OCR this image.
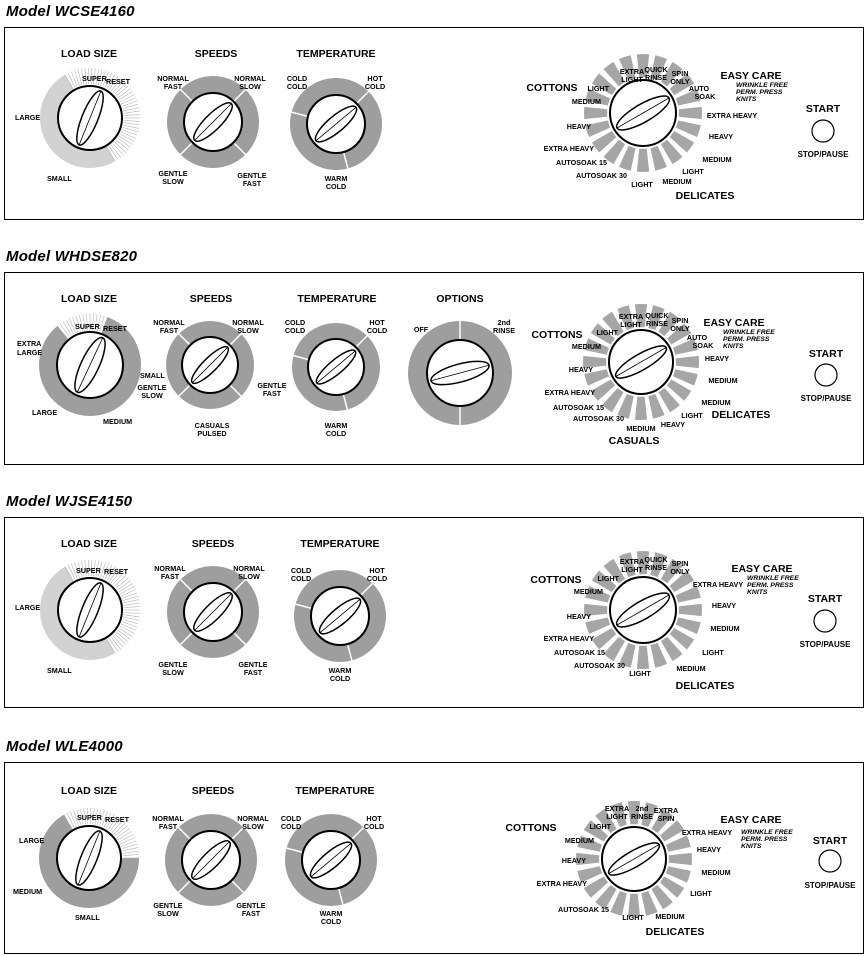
Model WCSE4160
LOAD SIZE
SUPER RESET
LARGE
SMALL
SPEEDS
NORMAL
FAST
NORMAL
SLOW
GENTLE
SLOW
GENTLE
FAST
TEMPERATURE
COLD
COLD
HOT
COLD
WARM
COLD
COTTONS
EASY CARE
WRINKLE FREE
PERM. PRESS
KNITS
DELICATES
EXTRA
LIGHT
QUICK
RINSE SPIN
ONLY
AUTO
SOAK
LIGHT
MEDIUM
HEAVY
EXTRA HEAVY
AUTOSOAK 15
AUTOSOAK 30
LIGHT MEDIUM
LIGHT
MEDIUM
HEAVY
EXTRA HEAVY
START
STOP/PAUSE
Model WHDSE820
LOAD SIZE
SUPER RESET
EXTRA
LARGE
SMALL
LARGE
MEDIUM
SPEEDS
NORMAL
FAST
NORMAL
SLOW
GENTLE
SLOW
GENTLE
FAST
CASUALS
PULSED
TEMPERATURE
COLD
COLD
HOT
COLD
WARM
COLD
OPTIONS
OFF
2nd
RINSE COTTONS
EASY CARE
WRINKLE FREE
PERM. PRESS
KNITS
DELICATES
CASUALS
EXTRA
LIGHT
QUICK
RINSE SPIN
ONLY
AUTO
SOAK
LIGHT
MEDIUM
HEAVY
EXTRA HEAVY
AUTOSOAK 15
AUTOSOAK 30
MEDIUM HEAVY
LIGHT
MEDIUM
HEAVY
MEDIUM
START
STOP/PAUSE
Model WJSE4150
LOAD SIZE
SUPER RESET
LARGE
SMALL
SPEEDS
NORMAL
FAST
NORMAL
SLOW
GENTLE
SLOW
GENTLE
FAST
TEMPERATURE
COLD
COLD
HOT
COLD
WARM
COLD
COTTONS
EASY CARE
WRINKLE FREE
PERM. PRESS
KNITS
DELICATES
EXTRA
LIGHT
QUICK
RINSE SPIN
ONLY
LIGHT
MEDIUM
HEAVY
EXTRA HEAVY
AUTOSOAK 15
AUTOSOAK 30
LIGHT
MEDIUM
LIGHT
MEDIUM
HEAVY
EXTRA HEAVY
START
STOP/PAUSE
Model WLE4000
LOAD SIZE
SUPER RESET
LARGE
MEDIUM
SMALL
SPEEDS
NORMAL
FAST
NORMAL
SLOW
GENTLE
SLOW
GENTLE
FAST
TEMPERATURE
COLD
COLD
HOT
COLD
WARM
COLD
COTTONS
EASY CARE
WRINKLE FREE
PERM. PRESS
KNITS
DELICATES
EXTRA
LIGHT
2nd
RINSE
EXTRA
SPIN
LIGHT
MEDIUM
HEAVY
EXTRA HEAVY
AUTOSOAK 15
LIGHT MEDIUM
LIGHT
MEDIUM
HEAVY
EXTRA HEAVY
START
STOP/PAUSE
